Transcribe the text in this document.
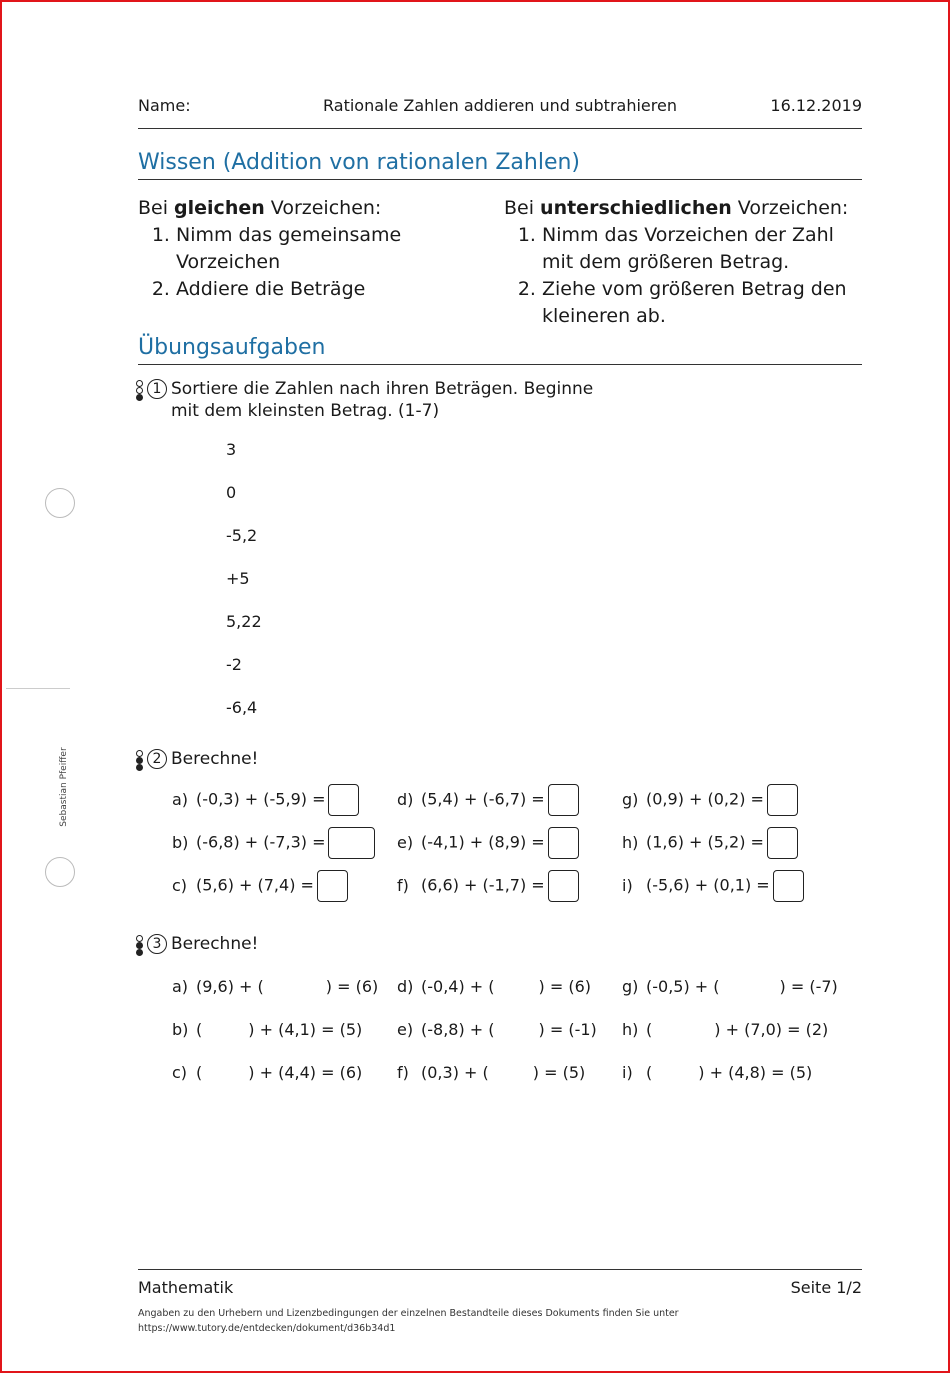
Name:	Rationale Zahlen addieren und subtrahieren	16.12.2019
Wissen (Addition von rationalen Zahlen)
Bei gleichen Vorzeichen:
1. Nimm das gemeinsame Vorzeichen
2. Addiere die Beträge
Bei unterschiedlichen Vorzeichen:
1. Nimm das Vorzeichen der Zahl mit dem größeren Betrag.
2. Ziehe vom größeren Betrag den kleineren ab.
Übungsaufgaben
1 Sortiere die Zahlen nach ihren Beträgen. Beginne
mit dem kleinsten Betrag. (1-7)
3
0
-5,2
+5
5,22
-2
-6,4
2 Berechne!
a) (-0,3) + (-5,9) =
b) (-6,8) + (-7,3) =
c) (5,6) + (7,4) =
d) (5,4) + (-6,7) =
e) (-4,1) + (8,9) =
f) (6,6) + (-1,7) =
g) (0,9) + (0,2) =
h) (1,6) + (5,2) =
i) (-5,6) + (0,1) =
3 Berechne!
a) (9,6) + (	) = (6)
b) (	) + (4,1) = (5)
c) (	) + (4,4) = (6)
d) (-0,4) + (	) = (6)
e) (-8,8) + (	) = (-1)
f) (0,3) + (	) = (5)
g) (-0,5) + (	) = (-7)
h) (	) + (7,0) = (2)
i) (	) + (4,8) = (5)
Mathematik	Seite 1/2
Angaben zu den Urhebern und Lizenzbedingungen der einzelnen Bestandteile dieses Dokuments finden Sie unter
https://www.tutory.de/entdecken/dokument/d36b34d1
Sebastian Pfeiffer
